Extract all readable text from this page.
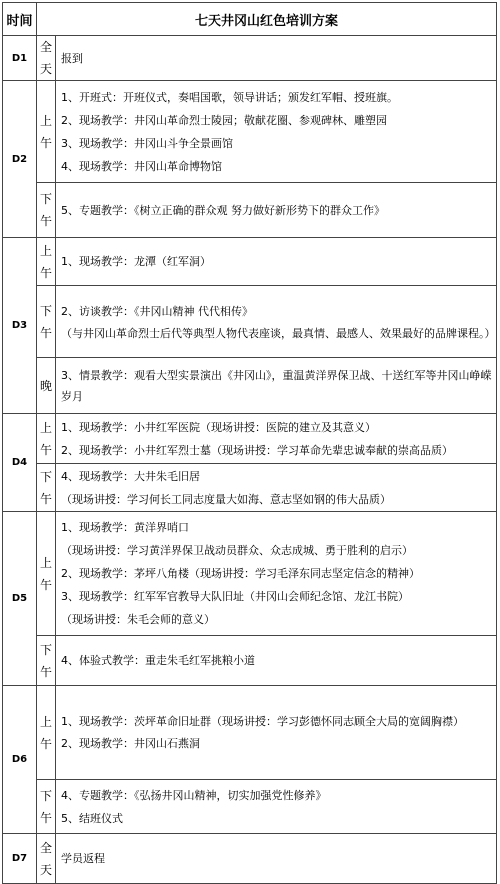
时间	七天井冈山红色培训方案	
D1	全天	报到

D2	上午	1、开班式：开班仪式，奏唱国歌，领导讲话；颁发红军帽、授班旗。
2、现场教学：井冈山革命烈士陵园；敬献花圈、参观碑林、雕塑园
3、现场教学：井冈山斗争全景画馆
4、现场教学：井冈山革命博物馆

	下午	5、专题教学：《树立正确的群众观 努力做好新形势下的群众工作》

D3	上午	1、现场教学：龙潭（红军洞）

	下午	2、访谈教学：《井冈山精神 代代相传》
（与井冈山革命烈士后代等典型人物代表座谈，最真情、最感人、效果最好的品牌课程。）

	晚	3、情景教学：观看大型实景演出《井冈山》，重温黄洋界保卫战、十送红军等井冈山峥嵘岁月

D4	上午	1、现场教学：小井红军医院（现场讲授：医院的建立及其意义）
2、现场教学：小井红军烈士墓（现场讲授：学习革命先辈忠诚奉献的崇高品质）

	下午	4、现场教学：大井朱毛旧居
（现场讲授：学习何长工同志度量大如海、意志坚如钢的伟大品质）

D5	上午	1、现场教学：黄洋界哨口
（现场讲授：学习黄洋界保卫战动员群众、众志成城、勇于胜利的启示）
2、现场教学：茅坪八角楼（现场讲授：学习毛泽东同志坚定信念的精神）
3、现场教学：红军军官教导大队旧址（井冈山会师纪念馆、龙江书院）
（现场讲授：朱毛会师的意义）

	下午	4、体验式教学：重走朱毛红军挑粮小道

D6	上午	1、现场教学：茨坪革命旧址群（现场讲授：学习彭德怀同志顾全大局的宽阔胸襟）
2、现场教学：井冈山石燕洞

	下午	4、专题教学：《弘扬井冈山精神，切实加强党性修养》
5、结班仪式

D7	全天	学员返程
